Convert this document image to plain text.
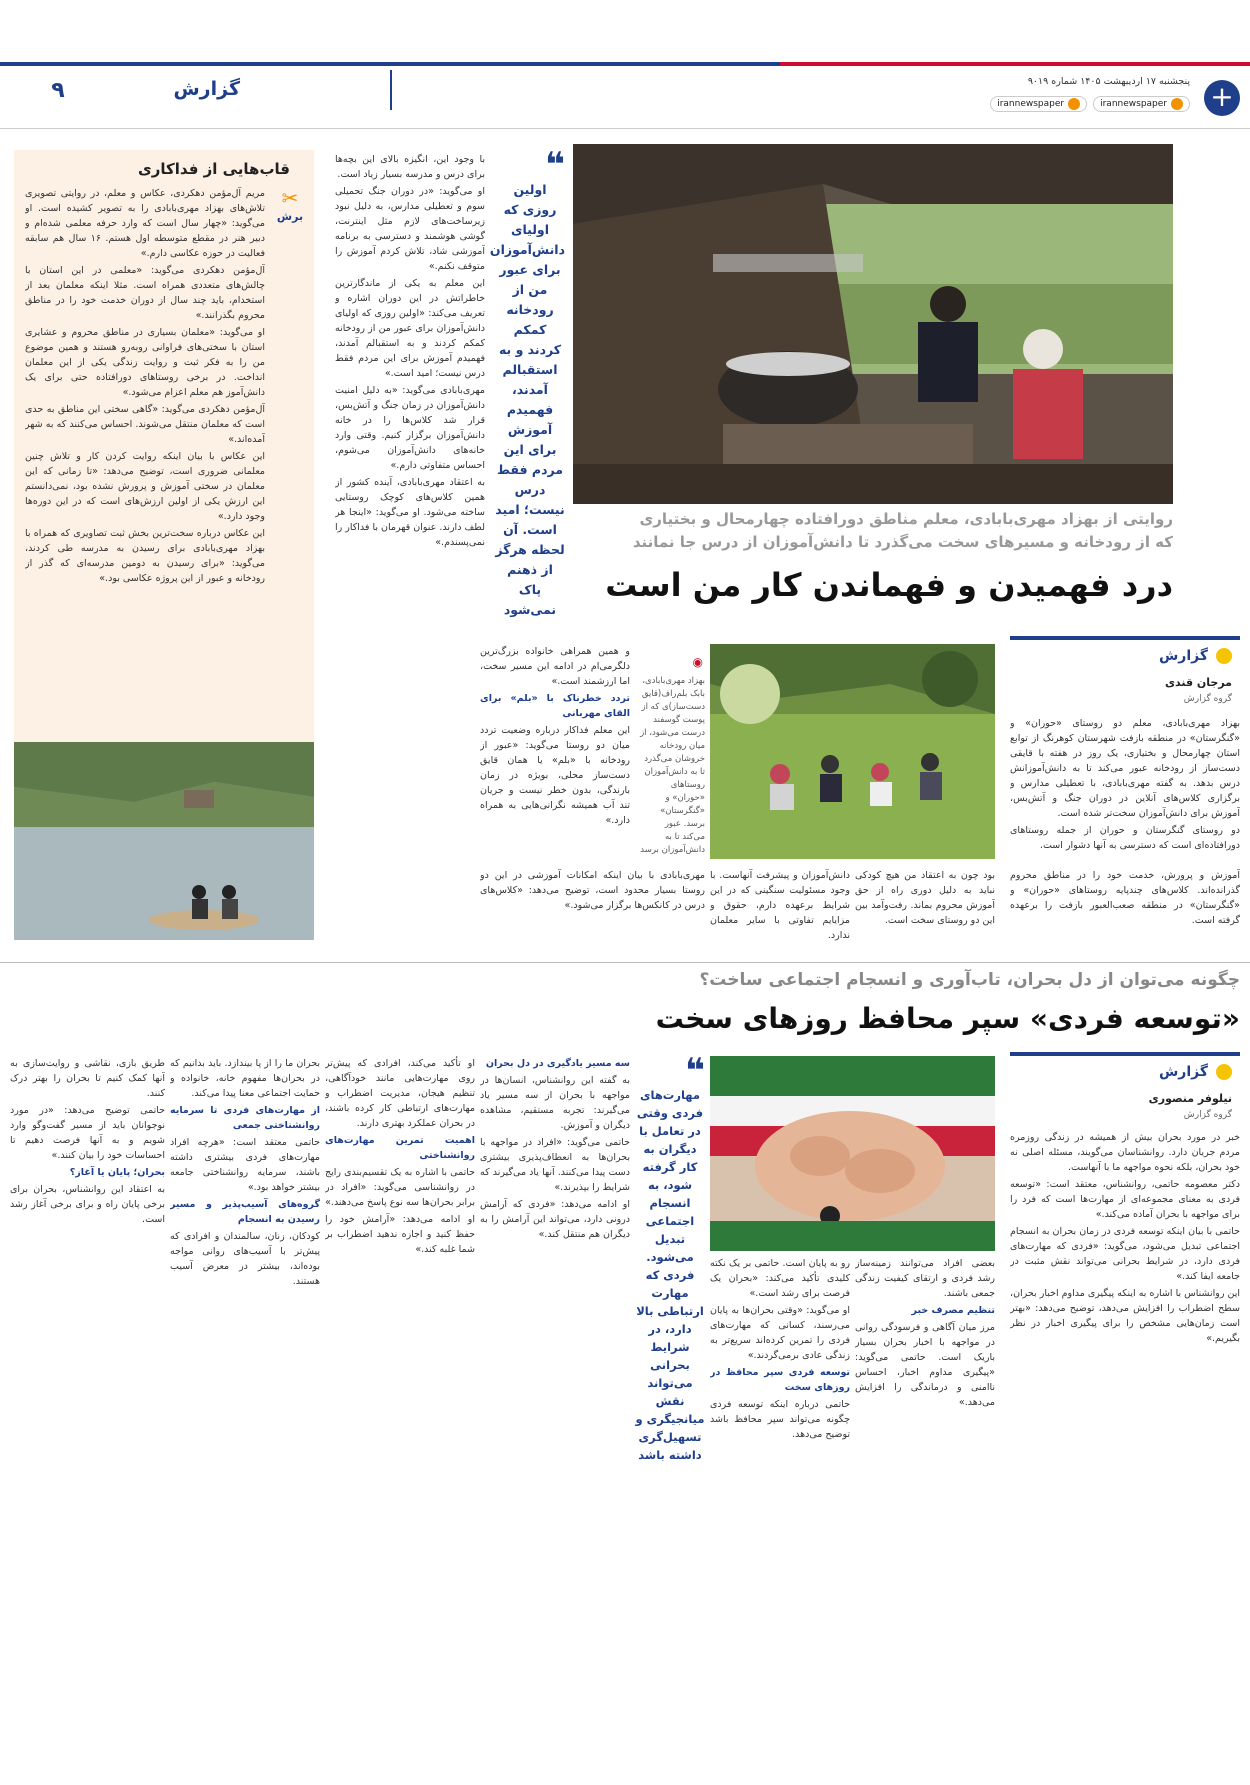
۹	گزارش	+
پنجشنبه ۱۷ اردیبهشت ۱۴۰۵ شماره ۹۰۱۹
irannewspaper
irannewspaper
❝
اولین روزی که اولیای دانش‌آموزان برای عبور من از رودخانه کمکم کردند و به استقبالم آمدند، فهمیدم آموزش برای این مردم فقط درس نیست؛ امید است. آن لحظه هرگز از ذهنم پاک نمی‌شود

با وجود این، انگیزه بالای این بچه‌ها برای درس و مدرسه بسیار زیاد است.

او می‌گوید: «در دوران جنگ تحمیلی سوم و تعطیلی مدارس، به دلیل نبود زیرساخت‌های لازم مثل اینترنت، گوشی هوشمند و دسترسی به برنامه آموزشی شاد، تلاش کردم آموزش را متوقف نکنم.»

این معلم به یکی از ماندگارترین خاطراتش در این دوران اشاره و تعریف می‌کند: «اولین روزی که اولیای دانش‌آموزان برای عبور من از رودخانه کمکم کردند و به استقبالم آمدند، فهمیدم آموزش برای این مردم فقط درس نیست؛ امید است.»

مهری‌بابادی می‌گوید: «به دلیل امنیت دانش‌آموزان در زمان جنگ و آتش‌بس، قرار شد کلاس‌ها را در خانه دانش‌آموزان برگزار کنیم. وقتی وارد خانه‌های دانش‌آموزان می‌شوم، احساس متفاوتی دارم.»

به اعتقاد مهری‌بابادی، آینده کشور از همین کلاس‌های کوچک روستایی ساخته می‌شود. او می‌گوید: «اینجا هر لطف دارند. عنوان قهرمان با فداکار را نمی‌پسندم.»

قاب‌هایی از فداکاری
✂
برش

مریم آل‌مؤمن دهکردی، عکاس و معلم، در روایتی تصویری تلاش‌های بهزاد مهری‌بابادی را به تصویر کشیده است. او می‌گوید: «چهار سال است که وارد حرفه معلمی شده‌ام و دبیر هنر در مقطع متوسطه اول هستم. ۱۶ سال هم سابقه فعالیت در حوزه عکاسی دارم.»

آل‌مؤمن دهکردی می‌گوید: «معلمی در این استان با چالش‌های متعددی همراه است. مثلا اینکه معلمان بعد از استخدام، باید چند سال از دوران خدمت خود را در مناطق محروم بگذرانند.»

او می‌گوید: «معلمان بسیاری در مناطق محروم و عشایری استان با سختی‌های فراوانی روبه‌رو هستند و همین موضوع من را به فکر ثبت و روایت زندگی یکی از این معلمان انداخت. در برخی روستاهای دورافتاده حتی برای یک دانش‌آموز هم معلم اعزام می‌شود.»

آل‌مؤمن دهکردی می‌گوید: «گاهی سختی این مناطق به حدی است که معلمان منتقل می‌شوند. احساس می‌کنند که به شهر آمده‌اند.»

این عکاس با بیان اینکه روایت کردن کار و تلاش چنین معلمانی ضروری است، توضیح می‌دهد: «تا زمانی که این معلمان در سختی آموزش و پرورش نشده بود، نمی‌دانستم این ارزش یکی از اولین ارزش‌های است که در این دوره‌ها وجود دارد.»

این عکاس درباره سخت‌ترین بخش ثبت تصاویری که همراه با بهزاد مهری‌بابادی برای رسیدن به مدرسه طی کردند، می‌گوید: «برای رسیدن به دومین مدرسه‌ای که گذر از رودخانه و عبور از این پروژه عکاسی بود.»

روایتی از بهزاد مهری‌بابادی، معلم مناطق دورافتاده چهارمحال و بختیاری
که از رودخانه و مسیرهای سخت می‌گذرد تا دانش‌آموزان از درس جا نمانند
درد فهمیدن و فهماندن کار من است
گزارش
مرجان قندی
گروه گزارش

بهزاد مهری‌بابادی، معلم دو روستای «حوران» و «گنگرستان» در منطقه بازفت شهرستان کوهرنگ از توابع استان چهارمحال و بختیاری، یک روز در هفته با قایقی دست‌ساز از رودخانه عبور می‌کند تا به دانش‌آموزانش درس بدهد. به گفته مهری‌بابادی، با تعطیلی مدارس و برگزاری کلاس‌های آنلاین در دوران جنگ و آتش‌بس، آموزش برای دانش‌آموزان سخت‌تر شده است.

دو روستای گنگرستان و حوران از جمله روستاهای دورافتاده‌ای است که دسترسی به آنها دشوار است.

◉
بهزاد مهری‌بابادی، بابک بلم‌راف(قایق دست‌ساز)ی که از پوست گوسفند درست می‌شود، از میان رودخانه خروشان می‌گذرد تا به دانش‌آموزان روستاهای «حوران» و «گنگرستان» برسد. عبور می‌کند تا به دانش‌آموزان برسد

و همین همراهی خانواده بزرگ‌ترین دلگرمی‌ام در ادامه این مسیر سخت، اما ارزشمند است.»

تردد خطرناک با «بلم» برای القای مهربانی

این معلم فداکار درباره وضعیت تردد میان دو روستا می‌گوید: «عبور از رودخانه با «بلم» یا همان قایق دست‌ساز محلی، بویژه در زمان بارندگی، بدون خطر نیست و جریان تند آب همیشه نگرانی‌هایی به همراه دارد.»

آموزش و پرورش، خدمت خود را در مناطق محروم گذرانده‌اند. کلاس‌های چندپایه روستاهای «حوران» و «گنگرستان» در منطقه صعب‌العبور بازفت را برعهده گرفته است.

بود چون به اعتقاد من هیچ کودکی نباید به دلیل دوری راه از حق آموزش محروم بماند. رفت‌وآمد بین این دو روستای سخت است.

دانش‌آموزان و پیشرفت آنهاست. با وجود مسئولیت سنگینی که در این شرایط برعهده دارم، حقوق و مزایایم تفاوتی با سایر معلمان ندارد.

مهری‌بابادی با بیان اینکه امکانات آموزشی در این دو روستا بسیار محدود است، توضیح می‌دهد: «کلاس‌های درس در کانکس‌ها برگزار می‌شود.»

چگونه می‌توان از دل بحران، تاب‌آوری و انسجام اجتماعی ساخت؟
«توسعه فردی» سپر محافظ روزهای سخت
گزارش
نیلوفر منصوری
گروه گزارش

خبر در مورد بحران بیش از همیشه در زندگی روزمره مردم جریان دارد. روانشناسان می‌گویند، مسئله اصلی نه خود بحران، بلکه نحوه مواجهه ما با آنهاست.

دکتر معصومه حاتمی، روانشناس، معتقد است: «توسعه فردی به معنای مجموعه‌ای از مهارت‌ها است که فرد را برای مواجهه با بحران آماده می‌کند.»

حاتمی با بیان اینکه توسعه فردی در زمان بحران به انسجام اجتماعی تبدیل می‌شود، می‌گوید: «فردی که مهارت‌های فردی دارد، در شرایط بحرانی می‌تواند نقش مثبت در جامعه ایفا کند.»

این روانشناس با اشاره به اینکه پیگیری مداوم اخبار بحران، سطح اضطراب را افزایش می‌دهد، توضیح می‌دهد: «بهتر است زمان‌هایی مشخص را برای پیگیری اخبار در نظر بگیریم.»

بعضی افراد می‌توانند زمینه‌ساز رشد فردی و ارتقای کیفیت زندگی جمعی باشند.

تنظیم مصرف خبر

مرز میان آگاهی و فرسودگی روانی در مواجهه با اخبار بحران بسیار باریک است. حاتمی می‌گوید: «پیگیری مداوم اخبار، احساس ناامنی و درماندگی را افزایش می‌دهد.»

رو به پایان است. حاتمی بر یک نکته کلیدی تأکید می‌کند: «بحران یک فرصت برای رشد است.»

او می‌گوید: «وقتی بحران‌ها به پایان می‌رسند، کسانی که مهارت‌های فردی را تمرین کرده‌اند سریع‌تر به زندگی عادی برمی‌گردند.»

توسعه فردی سپر محافظ در روزهای سخت

حاتمی درباره اینکه توسعه فردی چگونه می‌تواند سپر محافظ باشد توضیح می‌دهد.

❝
مهارت‌های فردی وقتی در تعامل با دیگران به کار گرفته شود، به انسجام اجتماعی تبدیل می‌شود. فردی که مهارت ارتباطی بالا دارد، در شرایط بحرانی می‌تواند نقش میانجیگری و تسهیل‌گری داشته باشد

سه مسیر یادگیری در دل بحران

به گفته این روانشناس، انسان‌ها در مواجهه با بحران از سه مسیر یاد می‌گیرند: تجربه مستقیم، مشاهده دیگران و آموزش.

حاتمی می‌گوید: «افراد در مواجهه با بحران‌ها به انعطاف‌پذیری بیشتری دست پیدا می‌کنند. آنها یاد می‌گیرند که شرایط را بپذیرند.»

او ادامه می‌دهد: «فردی که آرامش درونی دارد، می‌تواند این آرامش را به دیگران هم منتقل کند.»

او تأکید می‌کند، افرادی که پیش‌تر روی مهارت‌هایی مانند خودآگاهی، تنظیم هیجان، مدیریت اضطراب و مهارت‌های ارتباطی کار کرده باشند، در بحران عملکرد بهتری دارند.

اهمیت تمرین مهارت‌های روانشناختی

حاتمی با اشاره به یک تقسیم‌بندی رایج در روانشناسی می‌گوید: «افراد در برابر بحران‌ها سه نوع پاسخ می‌دهند.»

او ادامه می‌دهد: «آرامش خود را حفظ کنید و اجازه ندهید اضطراب بر شما غلبه کند.»

بحران ما را از پا بیندازد. باید بدانیم که در بحران‌ها مفهوم خانه، خانواده و حمایت اجتماعی معنا پیدا می‌کند.

از مهارت‌های فردی تا سرمایه روانشناختی جمعی

حاتمی معتقد است: «هرچه افراد مهارت‌های فردی بیشتری داشته باشند، سرمایه روانشناختی جامعه بیشتر خواهد بود.»

گروه‌های آسیب‌پذیر و مسیر رسیدن به انسجام

کودکان، زنان، سالمندان و افرادی که پیش‌تر با آسیب‌های روانی مواجه بوده‌اند، بیشتر در معرض آسیب هستند.

طریق بازی، نقاشی و روایت‌سازی به آنها کمک کنیم تا بحران را بهتر درک کنند.

حاتمی توضیح می‌دهد: «در مورد نوجوانان باید از مسیر گفت‌وگو وارد شویم و به آنها فرصت دهیم تا احساسات خود را بیان کنند.»

بحران؛ پایان یا آغاز؟

به اعتقاد این روانشناس، بحران برای برخی پایان راه و برای برخی آغاز رشد است.
